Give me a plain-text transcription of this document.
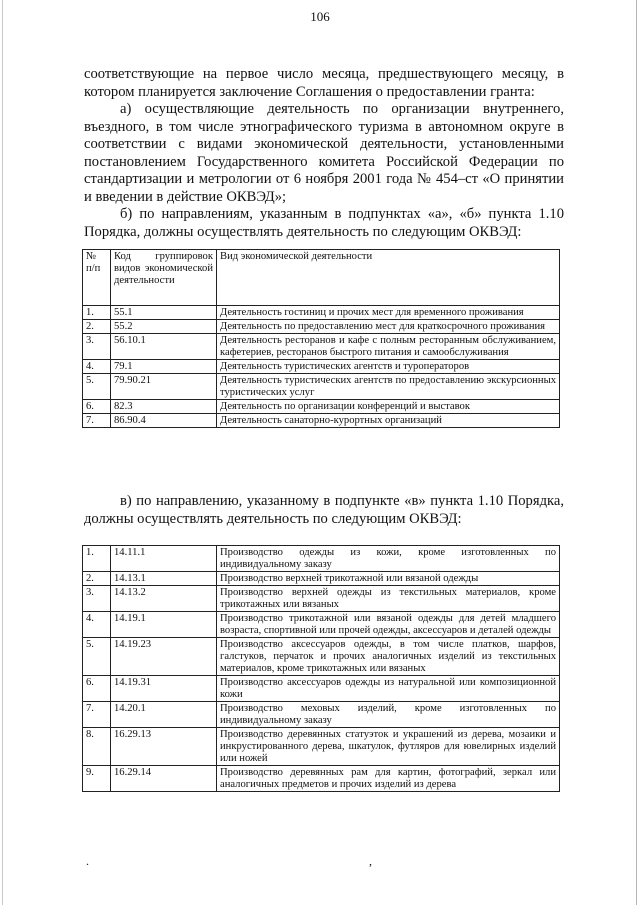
106

соответствующие на первое число месяца, предшествующего месяцу, в котором планируется заключение Соглашения о предоставлении гранта:

а) осуществляющие деятельность по организации внутреннего, въездного, в том числе этнографического туризма в автономном округе в соответствии с видами экономической деятельности, установленными постановлением Государственного комитета Российской Федерации по стандартизации и метрологии от 6 ноября 2001 года № 454–ст «О принятии и введении в действие ОКВЭД»;

б) по направлениям, указанным в подпунктах «а», «б» пункта 1.10 Порядка, должны осуществлять деятельность по следующим ОКВЭД:

№ п/п	Код группировок видов экономической деятельности	Вид экономической деятельности
1.	55.1	Деятельность гостиниц и прочих мест для временного проживания
2.	55.2	Деятельность по предоставлению мест для краткосрочного проживания
3.	56.10.1	Деятельность ресторанов и кафе с полным ресторанным обслуживанием, кафетериев, ресторанов быстрого питания и самообслуживания
4.	79.1	Деятельность туристических агентств и туроператоров
5.	79.90.21	Деятельность туристических агентств по предоставлению экскурсионных туристических услуг
6.	82.3	Деятельность по организации конференций и выставок
7.	86.90.4	Деятельность санаторно-курортных организаций

в) по направлению, указанному в подпункте «в» пункта 1.10 Порядка, должны осуществлять деятельность по следующим ОКВЭД:

1.	14.11.1	Производство одежды из кожи, кроме изготовленных по индивидуальному заказу
2.	14.13.1	Производство верхней трикотажной или вязаной одежды
3.	14.13.2	Производство верхней одежды из текстильных материалов, кроме трикотажных или вязаных
4.	14.19.1	Производство трикотажной или вязаной одежды для детей младшего возраста, спортивной или прочей одежды, аксессуаров и деталей одежды
5.	14.19.23	Производство аксессуаров одежды, в том числе платков, шарфов, галстуков, перчаток и прочих аналогичных изделий из текстильных материалов, кроме трикотажных или вязаных
6.	14.19.31	Производство аксессуаров одежды из натуральной или композиционной кожи
7.	14.20.1	Производство меховых изделий, кроме изготовленных по индивидуальному заказу
8.	16.29.13	Производство деревянных статуэток и украшений из дерева, мозаики и инкрустированного дерева, шкатулок, футляров для ювелирных изделий или ножей
9.	16.29.14	Производство деревянных рам для картин, фотографий, зеркал или аналогичных предметов и прочих изделий из дерева
.	,
